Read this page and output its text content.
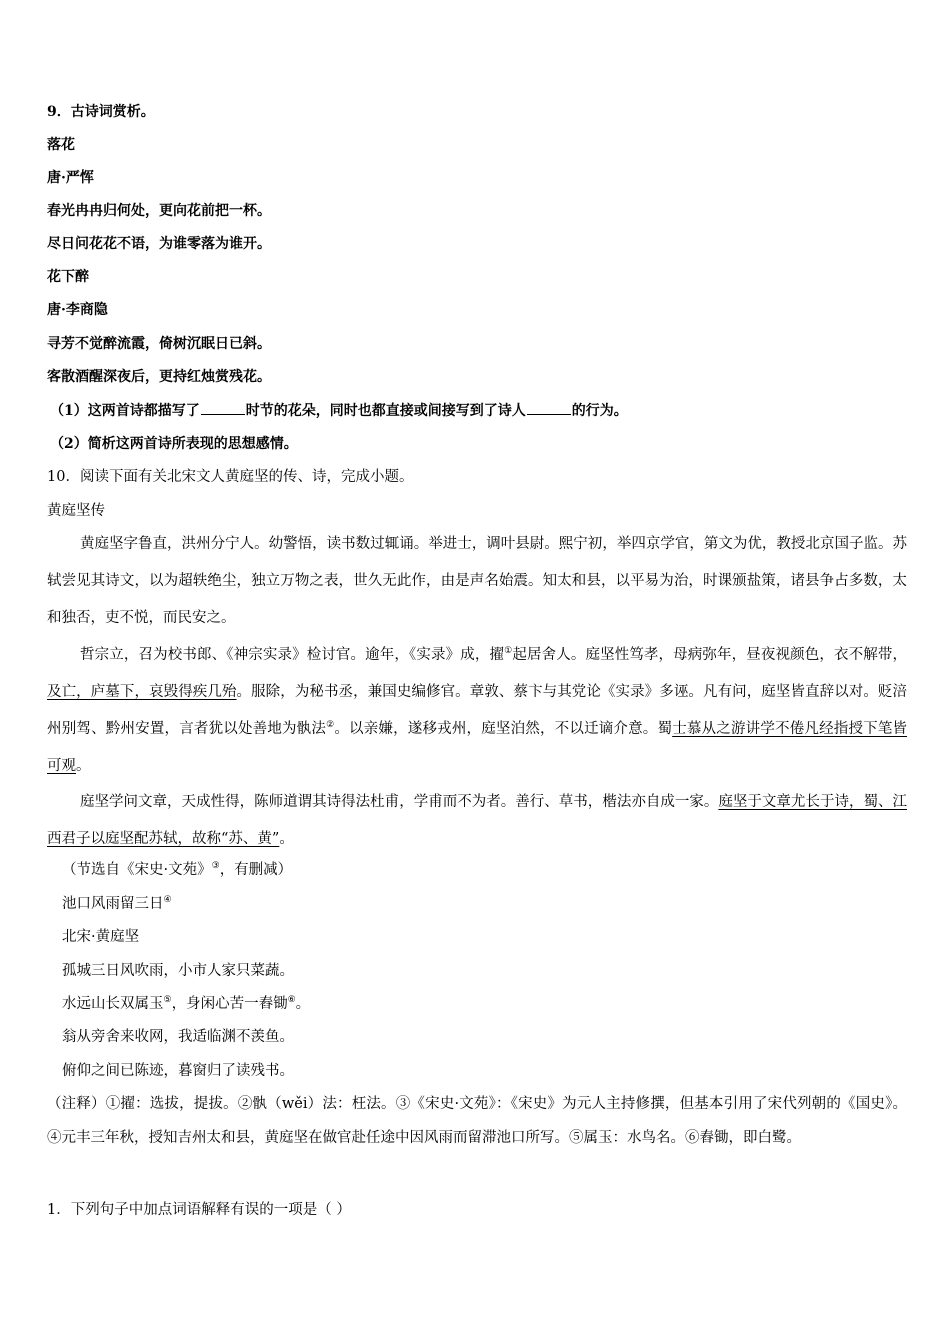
9．古诗词赏析。
落花
唐·严恽
春光冉冉归何处，更向花前把一杯。
尽日问花花不语，为谁零落为谁开。
花下醉
唐·李商隐
寻芳不觉醉流霞，倚树沉眠日已斜。
客散酒醒深夜后，更持红烛赏残花。
（1）这两首诗都描写了	时节的花朵，同时也都直接或间接写到了诗人	的行为。
（2）简析这两首诗所表现的思想感情。
10．阅读下面有关北宋文人黄庭坚的传、诗，完成小题。
黄庭坚传
黄庭坚字鲁直，洪州分宁人。幼警悟，读书数过辄诵。举进士，调叶县尉。熙宁初，举四京学官，第文为优，教授北京国子监。苏轼尝见其诗文，以为超轶绝尘，独立万物之表，世久无此作，由是声名始震。知太和县，以平易为治，时课颁盐策，诸县争占多数，太和独否，吏不悦，而民安之。
哲宗立，召为校书郎、《神宗实录》检讨官。逾年，《实录》成，擢①起居舍人。庭坚性笃孝，母病弥年，昼夜视颜色，衣不解带，及亡，庐墓下，哀毁得疾几殆。服除，为秘书丞，兼国史编修官。章敦、蔡卞与其党论《实录》多诬。凡有问，庭坚皆直辞以对。贬涪州别驾、黔州安置，言者犹以处善地为骫法②。以亲嫌，遂移戎州，庭坚泊然，不以迁谪介意。蜀士慕从之游讲学不倦凡经指授下笔皆可观。
庭坚学问文章，天成性得，陈师道谓其诗得法杜甫，学甫而不为者。善行、草书，楷法亦自成一家。庭坚于文章尤长于诗，蜀、江西君子以庭坚配苏轼，故称“苏、黄”。
（节选自《宋史·文苑》③，有删减）
池口风雨留三日④
北宋·黄庭坚
孤城三日风吹雨，小市人家只菜蔬。
水远山长双属玉⑤，身闲心苦一舂锄⑥。
翁从旁舍来收网，我适临渊不羡鱼。
俯仰之间已陈迹，暮窗归了读残书。
（注释）①擢：选拔，提拔。②骫（wěi）法：枉法。③《宋史·文苑》：《宋史》为元人主持修撰，但基本引用了宋代列朝的《国史》。④元丰三年秋，授知吉州太和县，黄庭坚在做官赴任途中因风雨而留滞池口所写。⑤属玉：水鸟名。⑥舂锄，即白鹭。
1．下列句子中加点词语解释有误的一项是（ ）
